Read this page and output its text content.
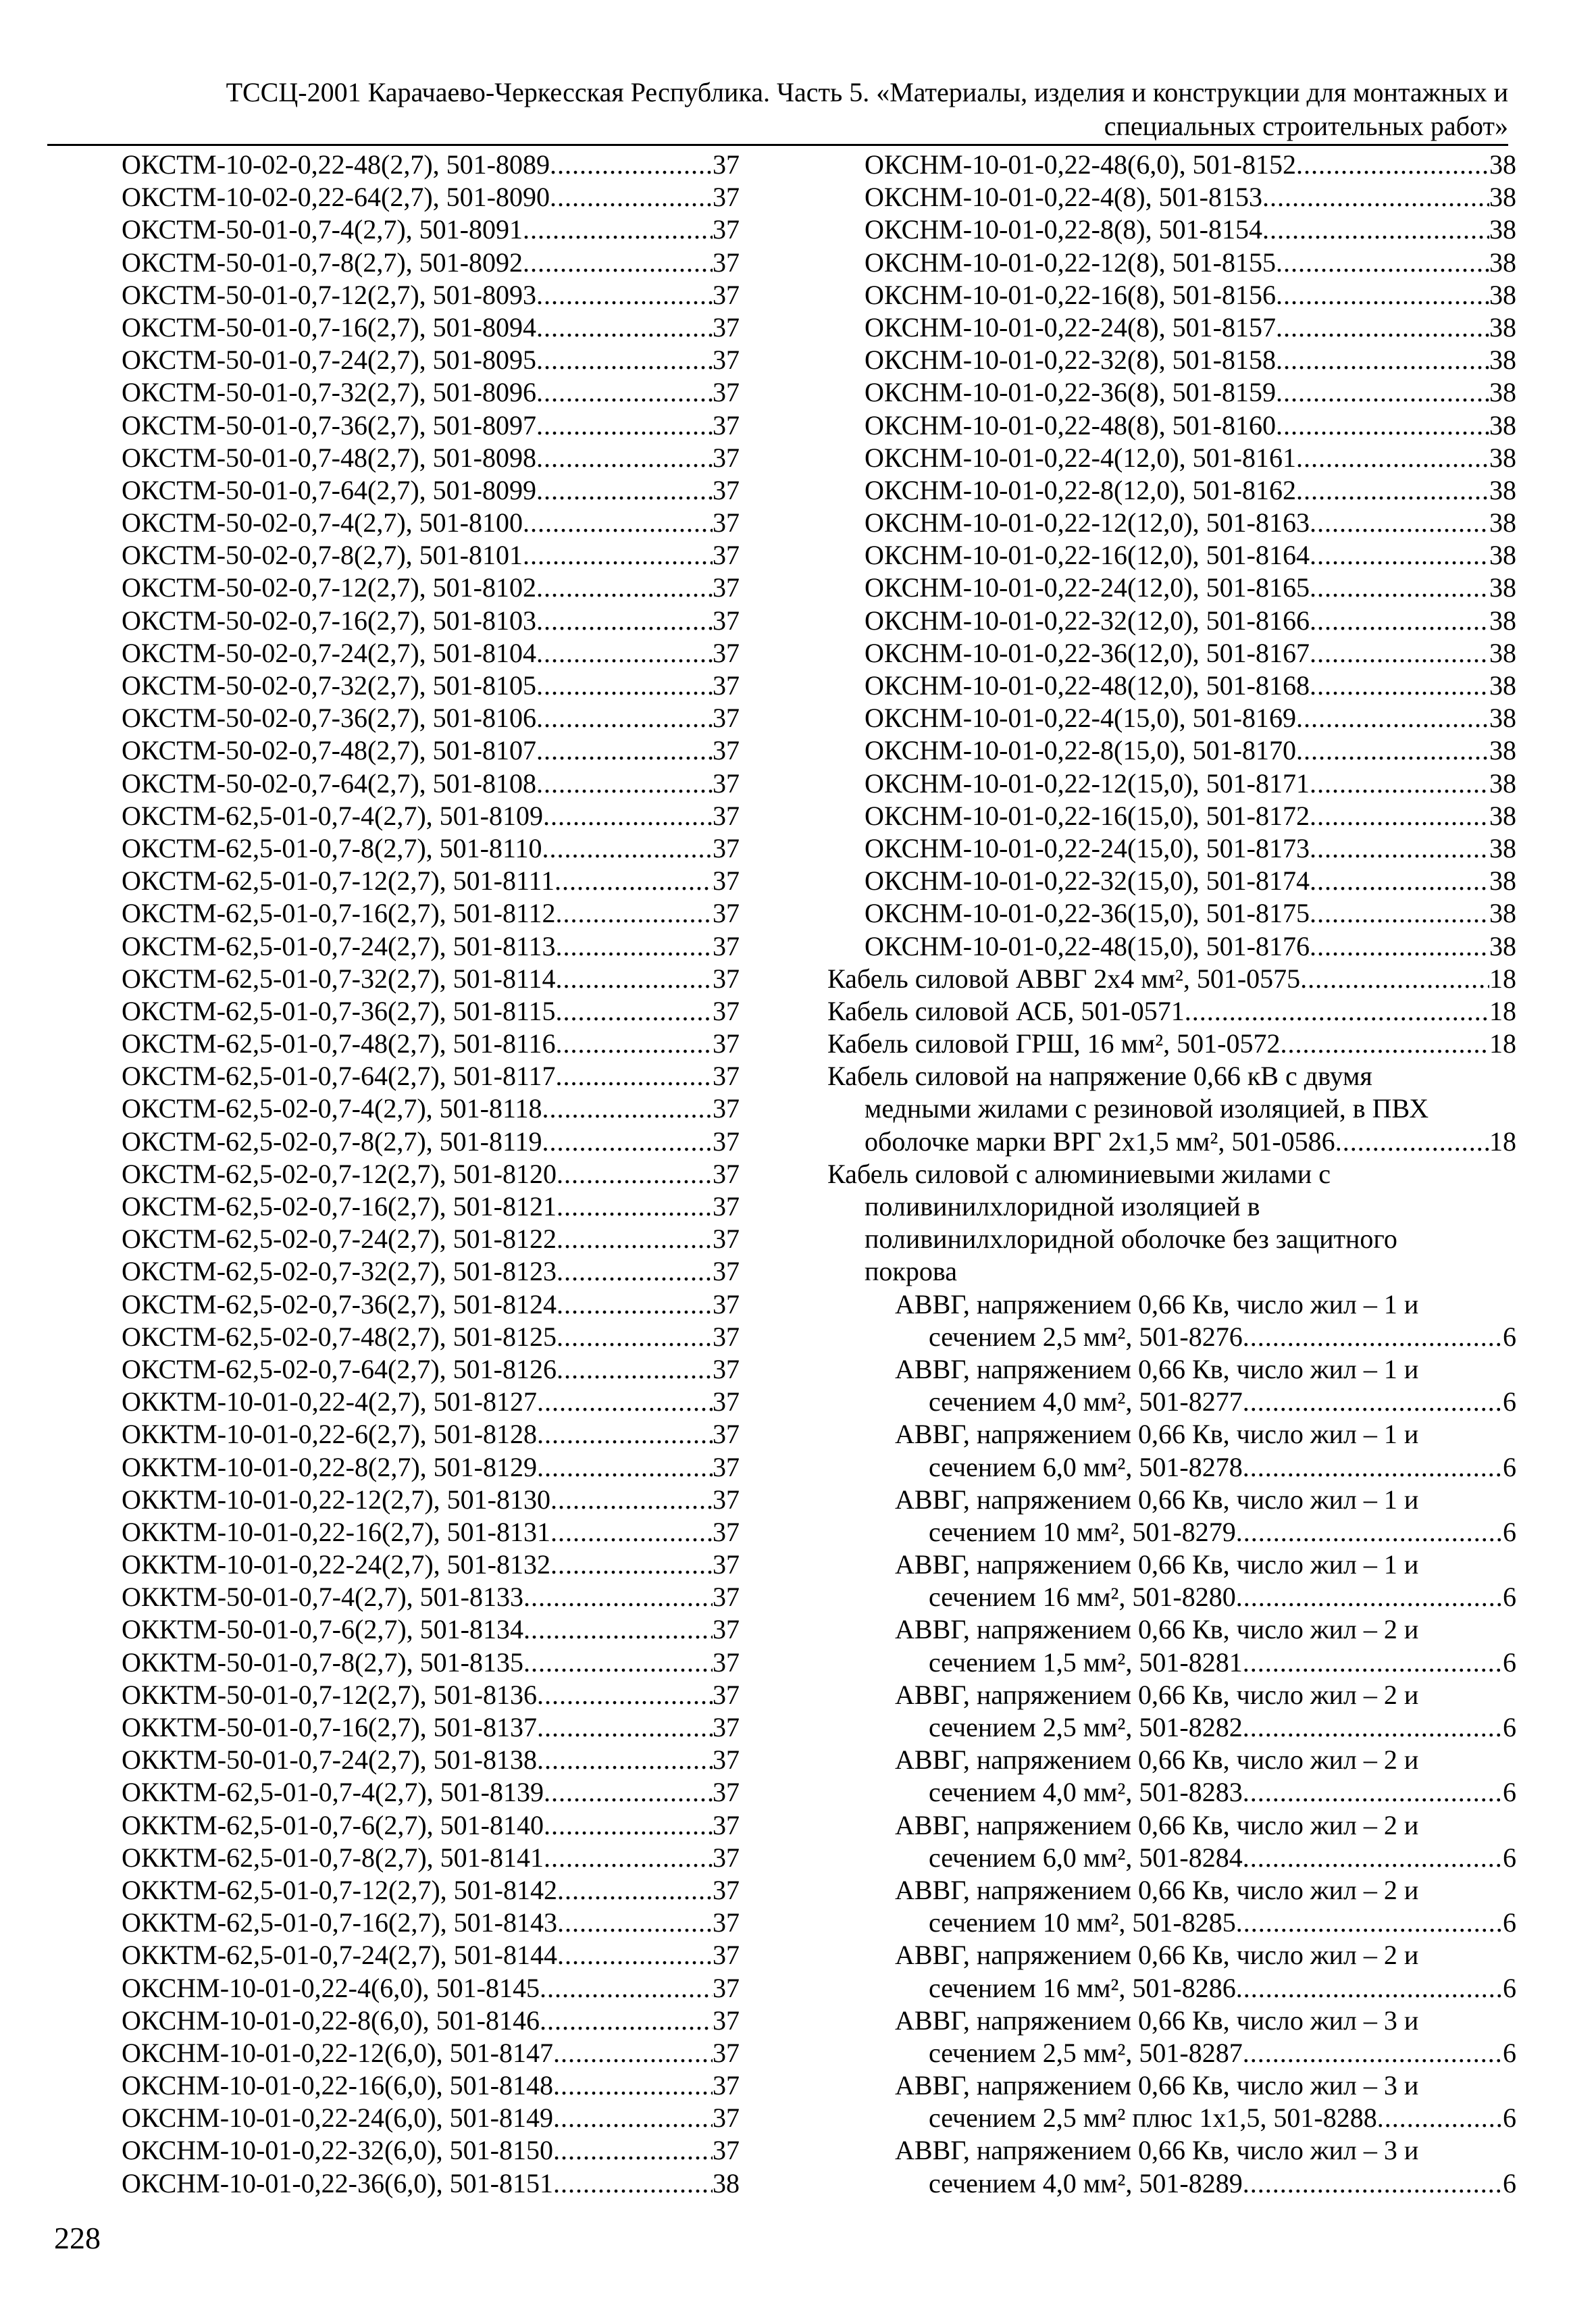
ТССЦ-2001 Карачаево-Черкесская Республика. Часть 5. «Материалы, изделия и конструкции для монтажных и
специальных строительных работ»
ОКСТМ-10-02-0,22-48(2,7), 501-8089 .....	37
ОКСТМ-10-02-0,22-64(2,7), 501-8090 .....	37
ОКСТМ-50-01-0,7-4(2,7), 501-8091 .....	37
ОКСТМ-50-01-0,7-8(2,7), 501-8092 .....	37
ОКСТМ-50-01-0,7-12(2,7), 501-8093 .....	37
ОКСТМ-50-01-0,7-16(2,7), 501-8094 .....	37
ОКСТМ-50-01-0,7-24(2,7), 501-8095 .....	37
ОКСТМ-50-01-0,7-32(2,7), 501-8096 .....	37
ОКСТМ-50-01-0,7-36(2,7), 501-8097 .....	37
ОКСТМ-50-01-0,7-48(2,7), 501-8098 .....	37
ОКСТМ-50-01-0,7-64(2,7), 501-8099 .....	37
ОКСТМ-50-02-0,7-4(2,7), 501-8100 .....	37
ОКСТМ-50-02-0,7-8(2,7), 501-8101 .....	37
ОКСТМ-50-02-0,7-12(2,7), 501-8102 .....	37
ОКСТМ-50-02-0,7-16(2,7), 501-8103 .....	37
ОКСТМ-50-02-0,7-24(2,7), 501-8104 .....	37
ОКСТМ-50-02-0,7-32(2,7), 501-8105 .....	37
ОКСТМ-50-02-0,7-36(2,7), 501-8106 .....	37
ОКСТМ-50-02-0,7-48(2,7), 501-8107 .....	37
ОКСТМ-50-02-0,7-64(2,7), 501-8108 .....	37
ОКСТМ-62,5-01-0,7-4(2,7), 501-8109 .....	37
ОКСТМ-62,5-01-0,7-8(2,7), 501-8110 .....	37
ОКСТМ-62,5-01-0,7-12(2,7), 501-8111 .....	37
ОКСТМ-62,5-01-0,7-16(2,7), 501-8112 .....	37
ОКСТМ-62,5-01-0,7-24(2,7), 501-8113 .....	37
ОКСТМ-62,5-01-0,7-32(2,7), 501-8114 .....	37
ОКСТМ-62,5-01-0,7-36(2,7), 501-8115 .....	37
ОКСТМ-62,5-01-0,7-48(2,7), 501-8116 .....	37
ОКСТМ-62,5-01-0,7-64(2,7), 501-8117 .....	37
ОКСТМ-62,5-02-0,7-4(2,7), 501-8118 .....	37
ОКСТМ-62,5-02-0,7-8(2,7), 501-8119 .....	37
ОКСТМ-62,5-02-0,7-12(2,7), 501-8120 .....	37
ОКСТМ-62,5-02-0,7-16(2,7), 501-8121 .....	37
ОКСТМ-62,5-02-0,7-24(2,7), 501-8122 .....	37
ОКСТМ-62,5-02-0,7-32(2,7), 501-8123 .....	37
ОКСТМ-62,5-02-0,7-36(2,7), 501-8124 .....	37
ОКСТМ-62,5-02-0,7-48(2,7), 501-8125 .....	37
ОКСТМ-62,5-02-0,7-64(2,7), 501-8126 .....	37
ОККТМ-10-01-0,22-4(2,7), 501-8127 .....	37
ОККТМ-10-01-0,22-6(2,7), 501-8128 .....	37
ОККТМ-10-01-0,22-8(2,7), 501-8129 .....	37
ОККТМ-10-01-0,22-12(2,7), 501-8130 .....	37
ОККТМ-10-01-0,22-16(2,7), 501-8131 .....	37
ОККТМ-10-01-0,22-24(2,7), 501-8132 .....	37
ОККТМ-50-01-0,7-4(2,7), 501-8133 .....	37
ОККТМ-50-01-0,7-6(2,7), 501-8134 .....	37
ОККТМ-50-01-0,7-8(2,7), 501-8135 .....	37
ОККТМ-50-01-0,7-12(2,7), 501-8136 .....	37
ОККТМ-50-01-0,7-16(2,7), 501-8137 .....	37
ОККТМ-50-01-0,7-24(2,7), 501-8138 .....	37
ОККТМ-62,5-01-0,7-4(2,7), 501-8139 .....	37
ОККТМ-62,5-01-0,7-6(2,7), 501-8140 .....	37
ОККТМ-62,5-01-0,7-8(2,7), 501-8141 .....	37
ОККТМ-62,5-01-0,7-12(2,7), 501-8142 .....	37
ОККТМ-62,5-01-0,7-16(2,7), 501-8143 .....	37
ОККТМ-62,5-01-0,7-24(2,7), 501-8144 .....	37
ОКСНМ-10-01-0,22-4(6,0), 501-8145 .....	37
ОКСНМ-10-01-0,22-8(6,0), 501-8146 .....	37
ОКСНМ-10-01-0,22-12(6,0), 501-8147 .....	37
ОКСНМ-10-01-0,22-16(6,0), 501-8148 .....	37
ОКСНМ-10-01-0,22-24(6,0), 501-8149 .....	37
ОКСНМ-10-01-0,22-32(6,0), 501-8150 .....	37
ОКСНМ-10-01-0,22-36(6,0), 501-8151 .....	38
ОКСНМ-10-01-0,22-48(6,0), 501-8152 .....	38
ОКСНМ-10-01-0,22-4(8), 501-8153 .....	38
ОКСНМ-10-01-0,22-8(8), 501-8154 .....	38
ОКСНМ-10-01-0,22-12(8), 501-8155 .....	38
ОКСНМ-10-01-0,22-16(8), 501-8156 .....	38
ОКСНМ-10-01-0,22-24(8), 501-8157 .....	38
ОКСНМ-10-01-0,22-32(8), 501-8158 .....	38
ОКСНМ-10-01-0,22-36(8), 501-8159 .....	38
ОКСНМ-10-01-0,22-48(8), 501-8160 .....	38
ОКСНМ-10-01-0,22-4(12,0), 501-8161 .....	38
ОКСНМ-10-01-0,22-8(12,0), 501-8162 .....	38
ОКСНМ-10-01-0,22-12(12,0), 501-8163 .....	38
ОКСНМ-10-01-0,22-16(12,0), 501-8164 .....	38
ОКСНМ-10-01-0,22-24(12,0), 501-8165 .....	38
ОКСНМ-10-01-0,22-32(12,0), 501-8166 .....	38
ОКСНМ-10-01-0,22-36(12,0), 501-8167 .....	38
ОКСНМ-10-01-0,22-48(12,0), 501-8168 .....	38
ОКСНМ-10-01-0,22-4(15,0), 501-8169 .....	38
ОКСНМ-10-01-0,22-8(15,0), 501-8170 .....	38
ОКСНМ-10-01-0,22-12(15,0), 501-8171 .....	38
ОКСНМ-10-01-0,22-16(15,0), 501-8172 .....	38
ОКСНМ-10-01-0,22-24(15,0), 501-8173 .....	38
ОКСНМ-10-01-0,22-32(15,0), 501-8174 .....	38
ОКСНМ-10-01-0,22-36(15,0), 501-8175 .....	38
ОКСНМ-10-01-0,22-48(15,0), 501-8176 .....	38
Кабель силовой АВВГ 2х4 мм², 501-0575 .....	18
Кабель силовой АСБ, 501-0571 .....	18
Кабель силовой ГРШ, 16 мм², 501-0572 .....	18
Кабель силовой на напряжение 0,66 кВ с двумя
медными жилами с резиновой изоляцией, в ПВХ
оболочке марки ВРГ 2х1,5 мм², 501-0586 .....	18
Кабель силовой с алюминиевыми жилами с
поливинилхлоридной изоляцией в
поливинилхлоридной оболочке без защитного
покрова
АВВГ, напряжением 0,66 Кв, число жил – 1 и
сечением 2,5 мм², 501-8276 .....	6
АВВГ, напряжением 0,66 Кв, число жил – 1 и
сечением 4,0 мм², 501-8277 .....	6
АВВГ, напряжением 0,66 Кв, число жил – 1 и
сечением 6,0 мм², 501-8278 .....	6
АВВГ, напряжением 0,66 Кв, число жил – 1 и
сечением 10 мм², 501-8279 .....	6
АВВГ, напряжением 0,66 Кв, число жил – 1 и
сечением 16 мм², 501-8280 .....	6
АВВГ, напряжением 0,66 Кв, число жил – 2 и
сечением 1,5 мм², 501-8281 .....	6
АВВГ, напряжением 0,66 Кв, число жил – 2 и
сечением 2,5 мм², 501-8282 .....	6
АВВГ, напряжением 0,66 Кв, число жил – 2 и
сечением 4,0 мм², 501-8283 .....	6
АВВГ, напряжением 0,66 Кв, число жил – 2 и
сечением 6,0 мм², 501-8284 .....	6
АВВГ, напряжением 0,66 Кв, число жил – 2 и
сечением 10 мм², 501-8285 .....	6
АВВГ, напряжением 0,66 Кв, число жил – 2 и
сечением 16 мм², 501-8286 .....	6
АВВГ, напряжением 0,66 Кв, число жил – 3 и
сечением 2,5 мм², 501-8287 .....	6
АВВГ, напряжением 0,66 Кв, число жил – 3 и
сечением 2,5 мм² плюс 1х1,5, 501-8288 .....	6
АВВГ, напряжением 0,66 Кв, число жил – 3 и
сечением 4,0 мм², 501-8289 .....	6
228
